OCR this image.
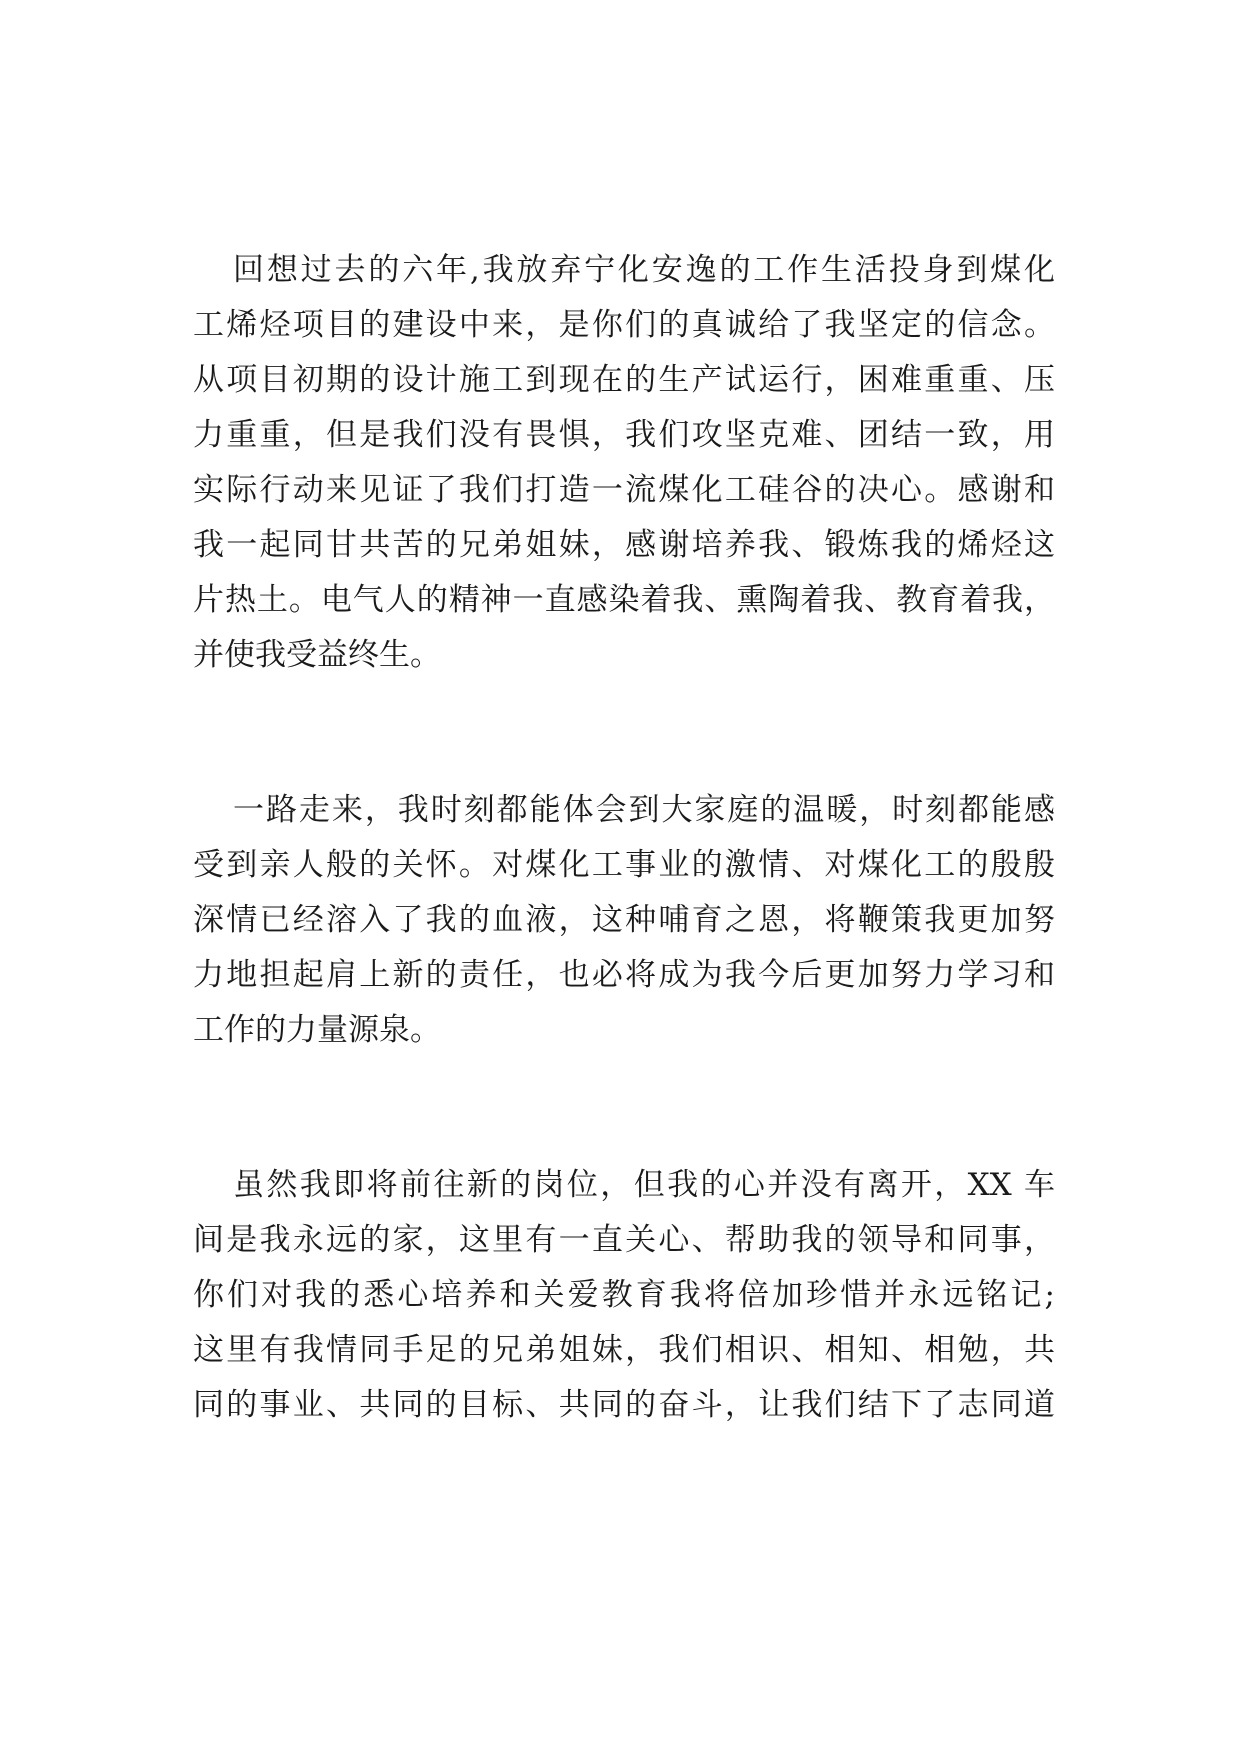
回想过去的六年,我放弃宁化安逸的工作生活投身到煤化
工烯烃项目的建设中来，是你们的真诚给了我坚定的信念。
从项目初期的设计施工到现在的生产试运行，困难重重、压
力重重，但是我们没有畏惧，我们攻坚克难、团结一致，用
实际行动来见证了我们打造一流煤化工硅谷的决心。感谢和
我一起同甘共苦的兄弟姐妹，感谢培养我、锻炼我的烯烃这
片热土。电气人的精神一直感染着我、熏陶着我、教育着我，
并使我受益终生。
一路走来，我时刻都能体会到大家庭的温暖，时刻都能感
受到亲人般的关怀。对煤化工事业的激情、对煤化工的殷殷
深情已经溶入了我的血液，这种哺育之恩，将鞭策我更加努
力地担起肩上新的责任，也必将成为我今后更加努力学习和
工作的力量源泉。
虽然我即将前往新的岗位，但我的心并没有离开，XX 车
间是我永远的家，这里有一直关心、帮助我的领导和同事，
你们对我的悉心培养和关爱教育我将倍加珍惜并永远铭记;
这里有我情同手足的兄弟姐妹，我们相识、相知、相勉，共
同的事业、共同的目标、共同的奋斗，让我们结下了志同道
